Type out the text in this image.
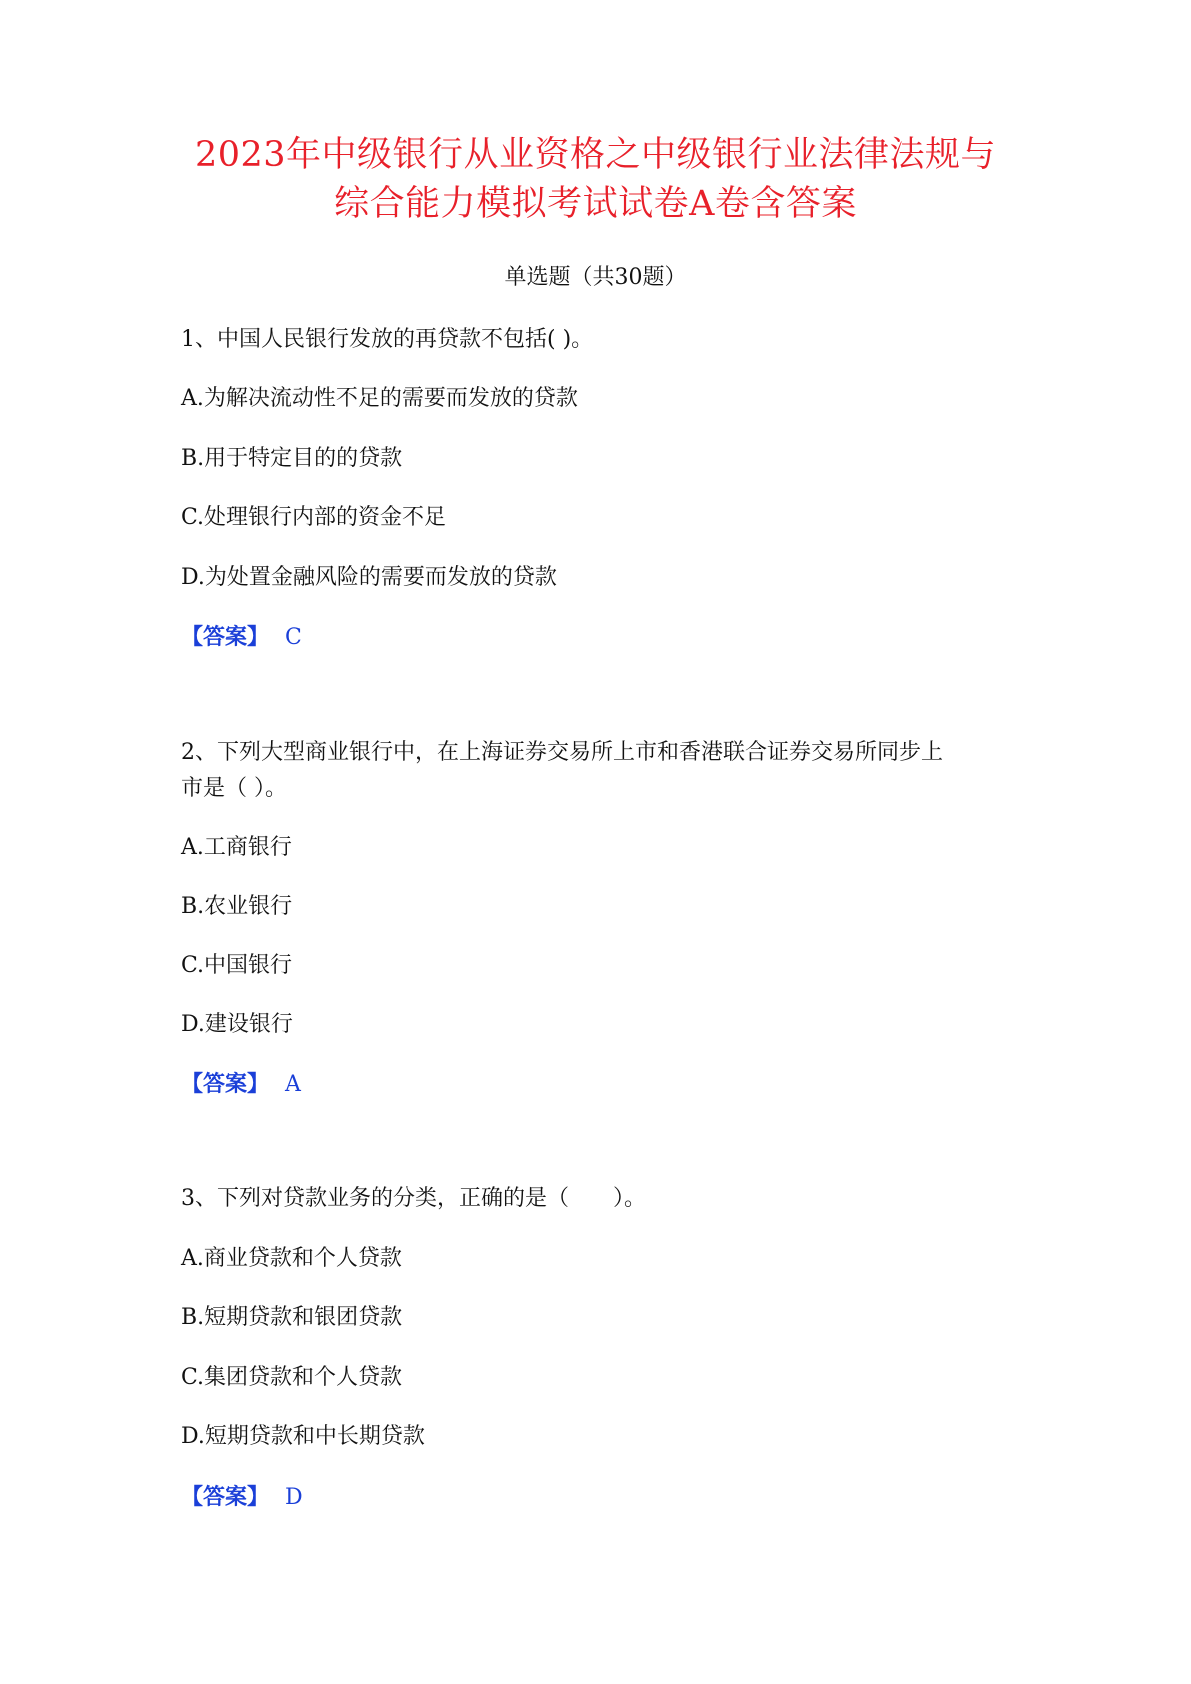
2023年中级银行从业资格之中级银行业法律法规与
综合能力模拟考试试卷A卷含答案
单选题（共30题）
1、中国人民银行发放的再贷款不包括( )。
A.为解决流动性不足的需要而发放的贷款
B.用于特定目的的贷款
C.处理银行内部的资金不足
D.为处置金融风险的需要而发放的贷款
【答案】 C
2、下列大型商业银行中，在上海证券交易所上市和香港联合证券交易所同步上
市是（ ）。
A.工商银行
B.农业银行
C.中国银行
D.建设银行
【答案】 A
3、下列对贷款业务的分类，正确的是（　　）。
A.商业贷款和个人贷款
B.短期贷款和银团贷款
C.集团贷款和个人贷款
D.短期贷款和中长期贷款
【答案】 D
